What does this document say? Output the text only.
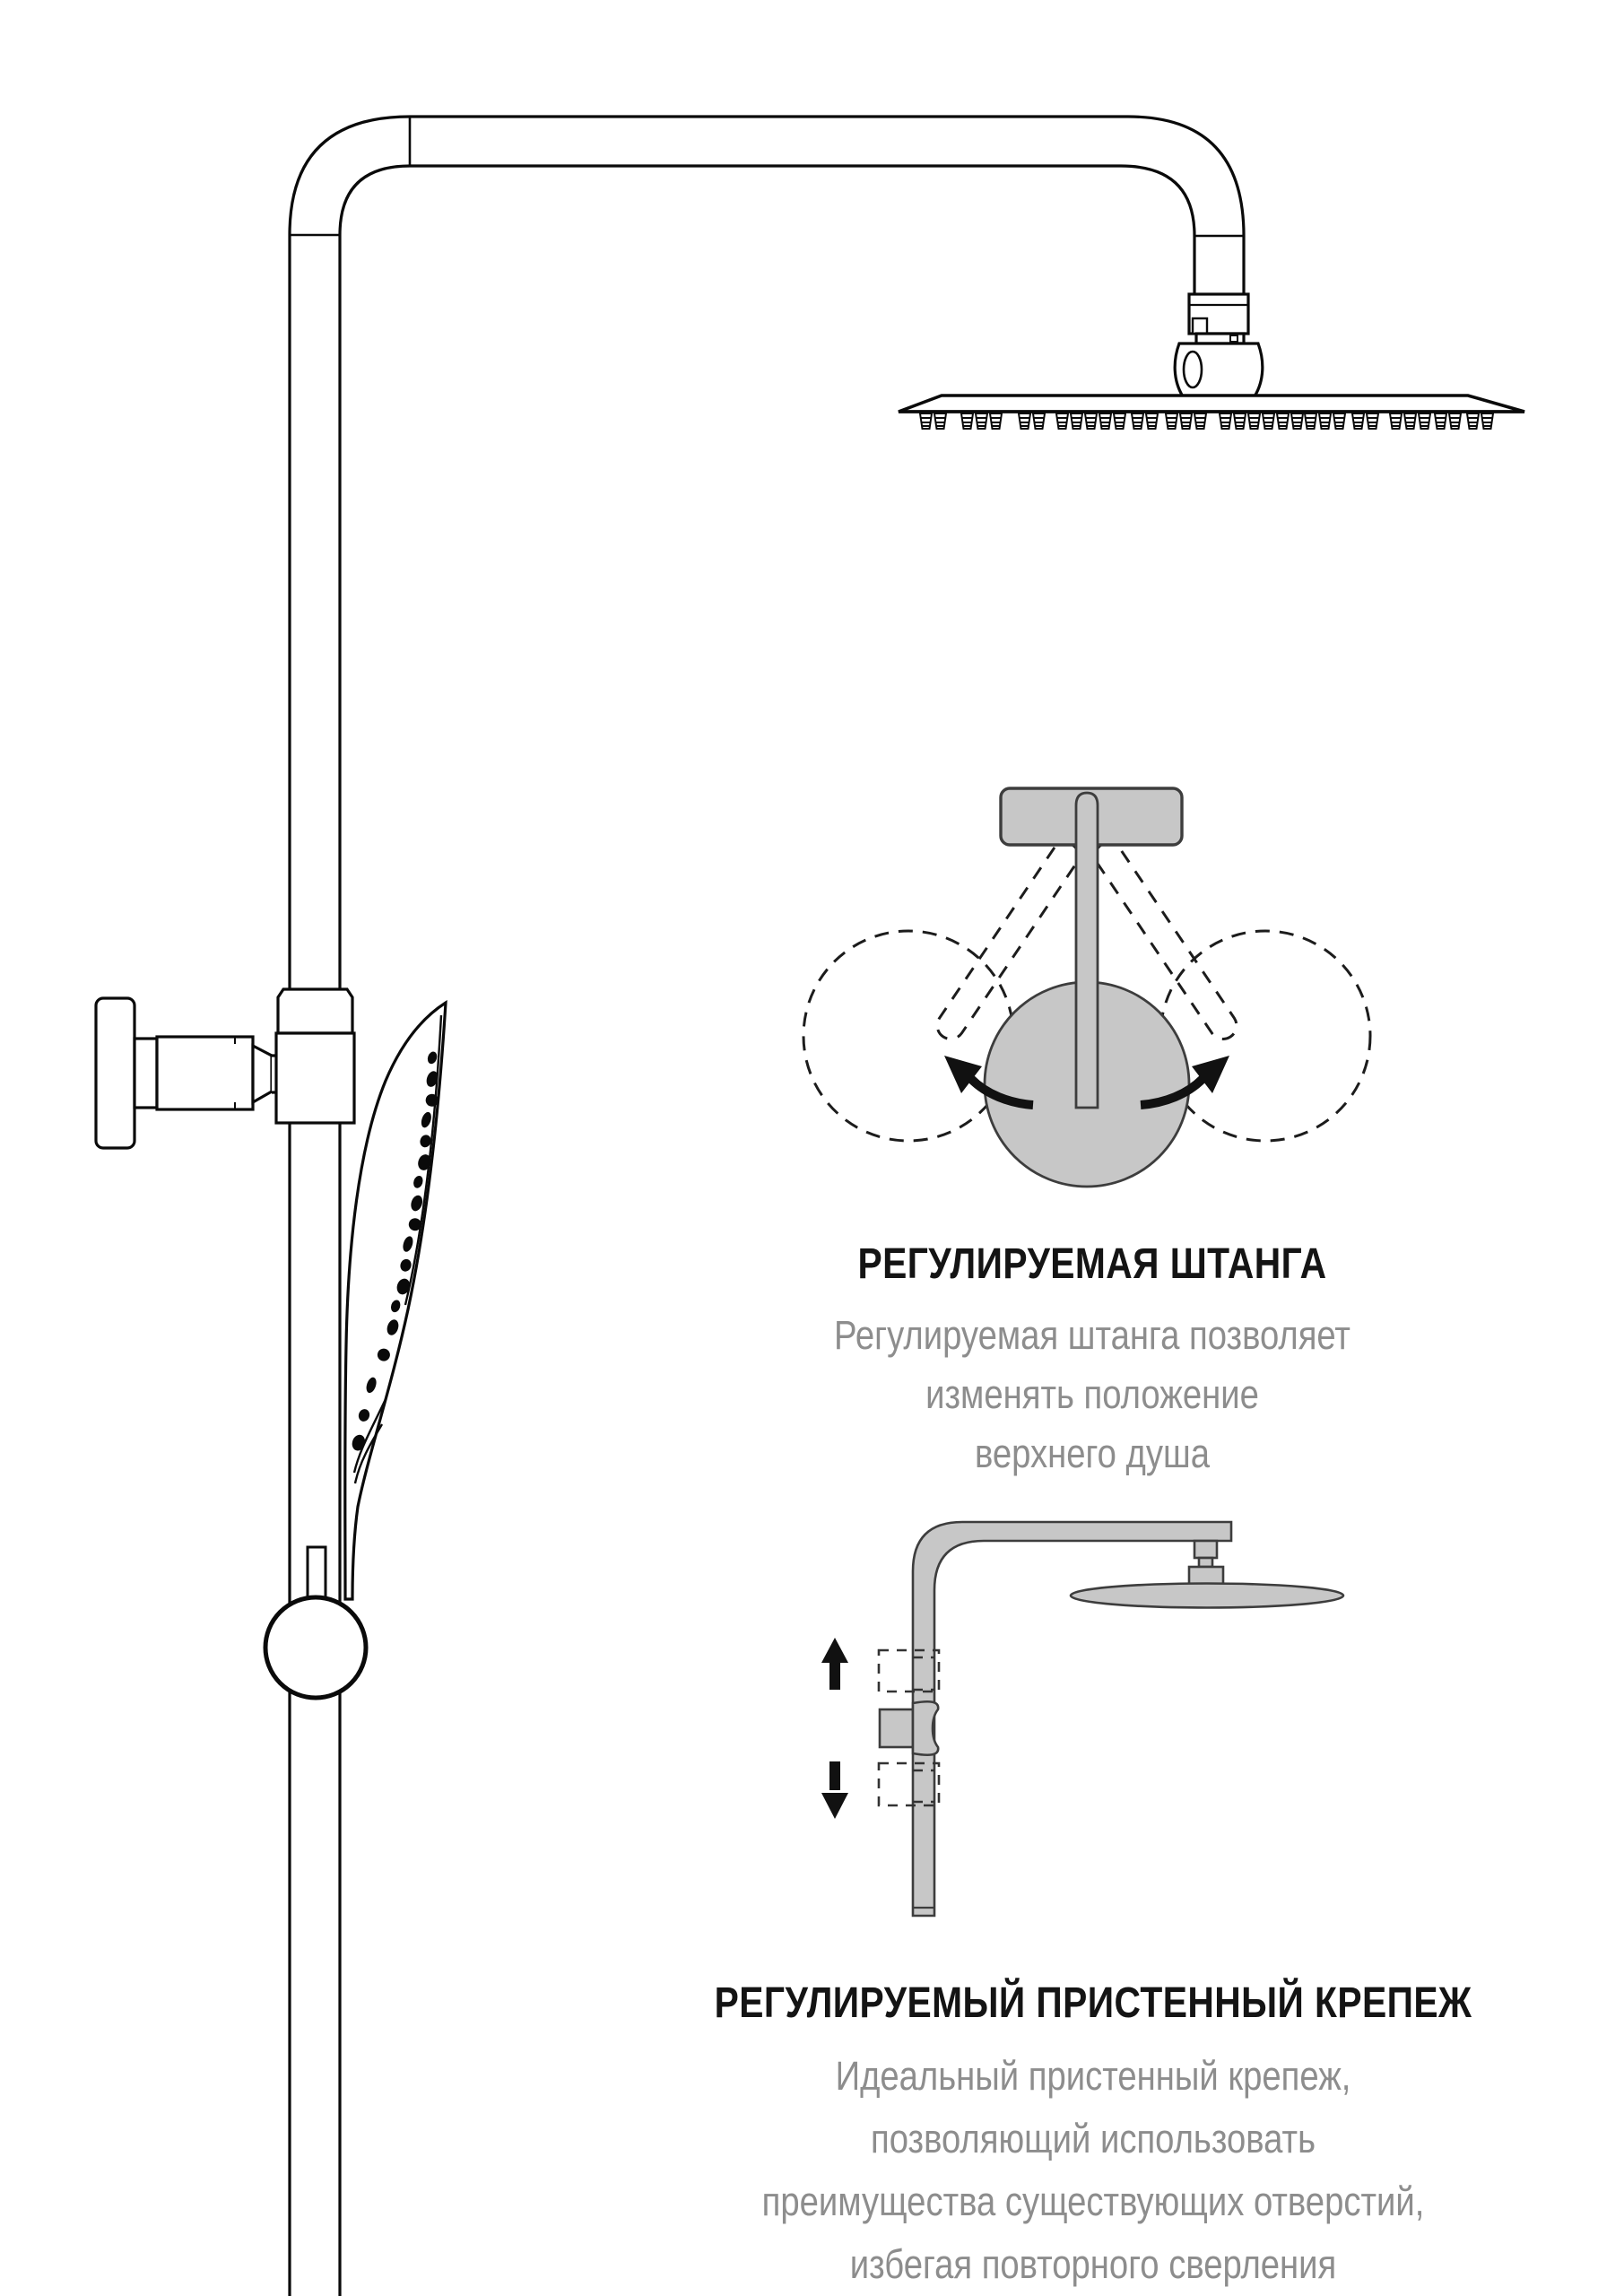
РЕГУЛИРУЕМАЯ ШТАНГА

Регулируемая штанга позволяет
изменять положение
верхнего душа

РЕГУЛИРУЕМЫЙ ПРИСТЕННЫЙ КРЕПЕЖ

Идеальный пристенный крепеж,
позволяющий использовать
преимущества существующих отверстий,
избегая повторного сверления
